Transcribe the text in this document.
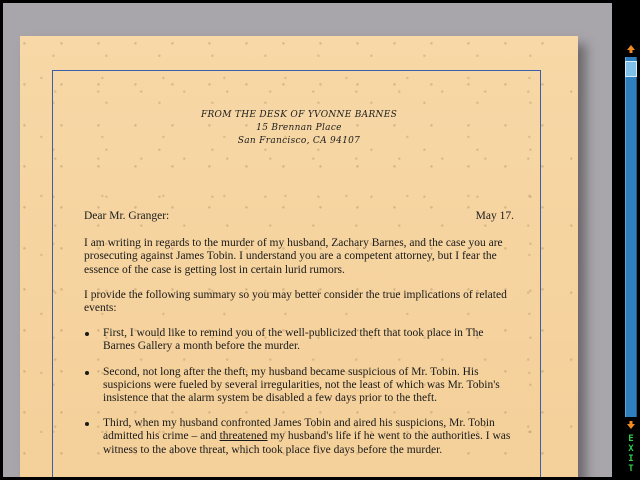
FROM THE DESK OF YVONNE BARNES
15 Brennan Place
San Francisco, CA 94107
Dear Mr. Granger:	May 17.

I am writing in regards to the murder of my husband, Zachary Barnes, and the case you are prosecuting against James Tobin. I understand you are a competent attorney, but I fear the essence of the case is getting lost in certain lurid rumors.

I provide the following summary so you may better consider the true implications of related events:

First, I would like to remind you of the well-publicized theft that took place in The Barnes Gallery a month before the murder.
Second, not long after the theft, my husband became suspicious of Mr. Tobin. His suspicions were fueled by several irregularities, not the least of which was Mr. Tobin's insistence that the alarm system be disabled a few days prior to the theft.
Third, when my husband confronted James Tobin and aired his suspicions, Mr. Tobin admitted his crime – and threatened my husband's life if he went to the authorities. I was witness to the above threat, which took place five days before the murder.
E
X
I
T
